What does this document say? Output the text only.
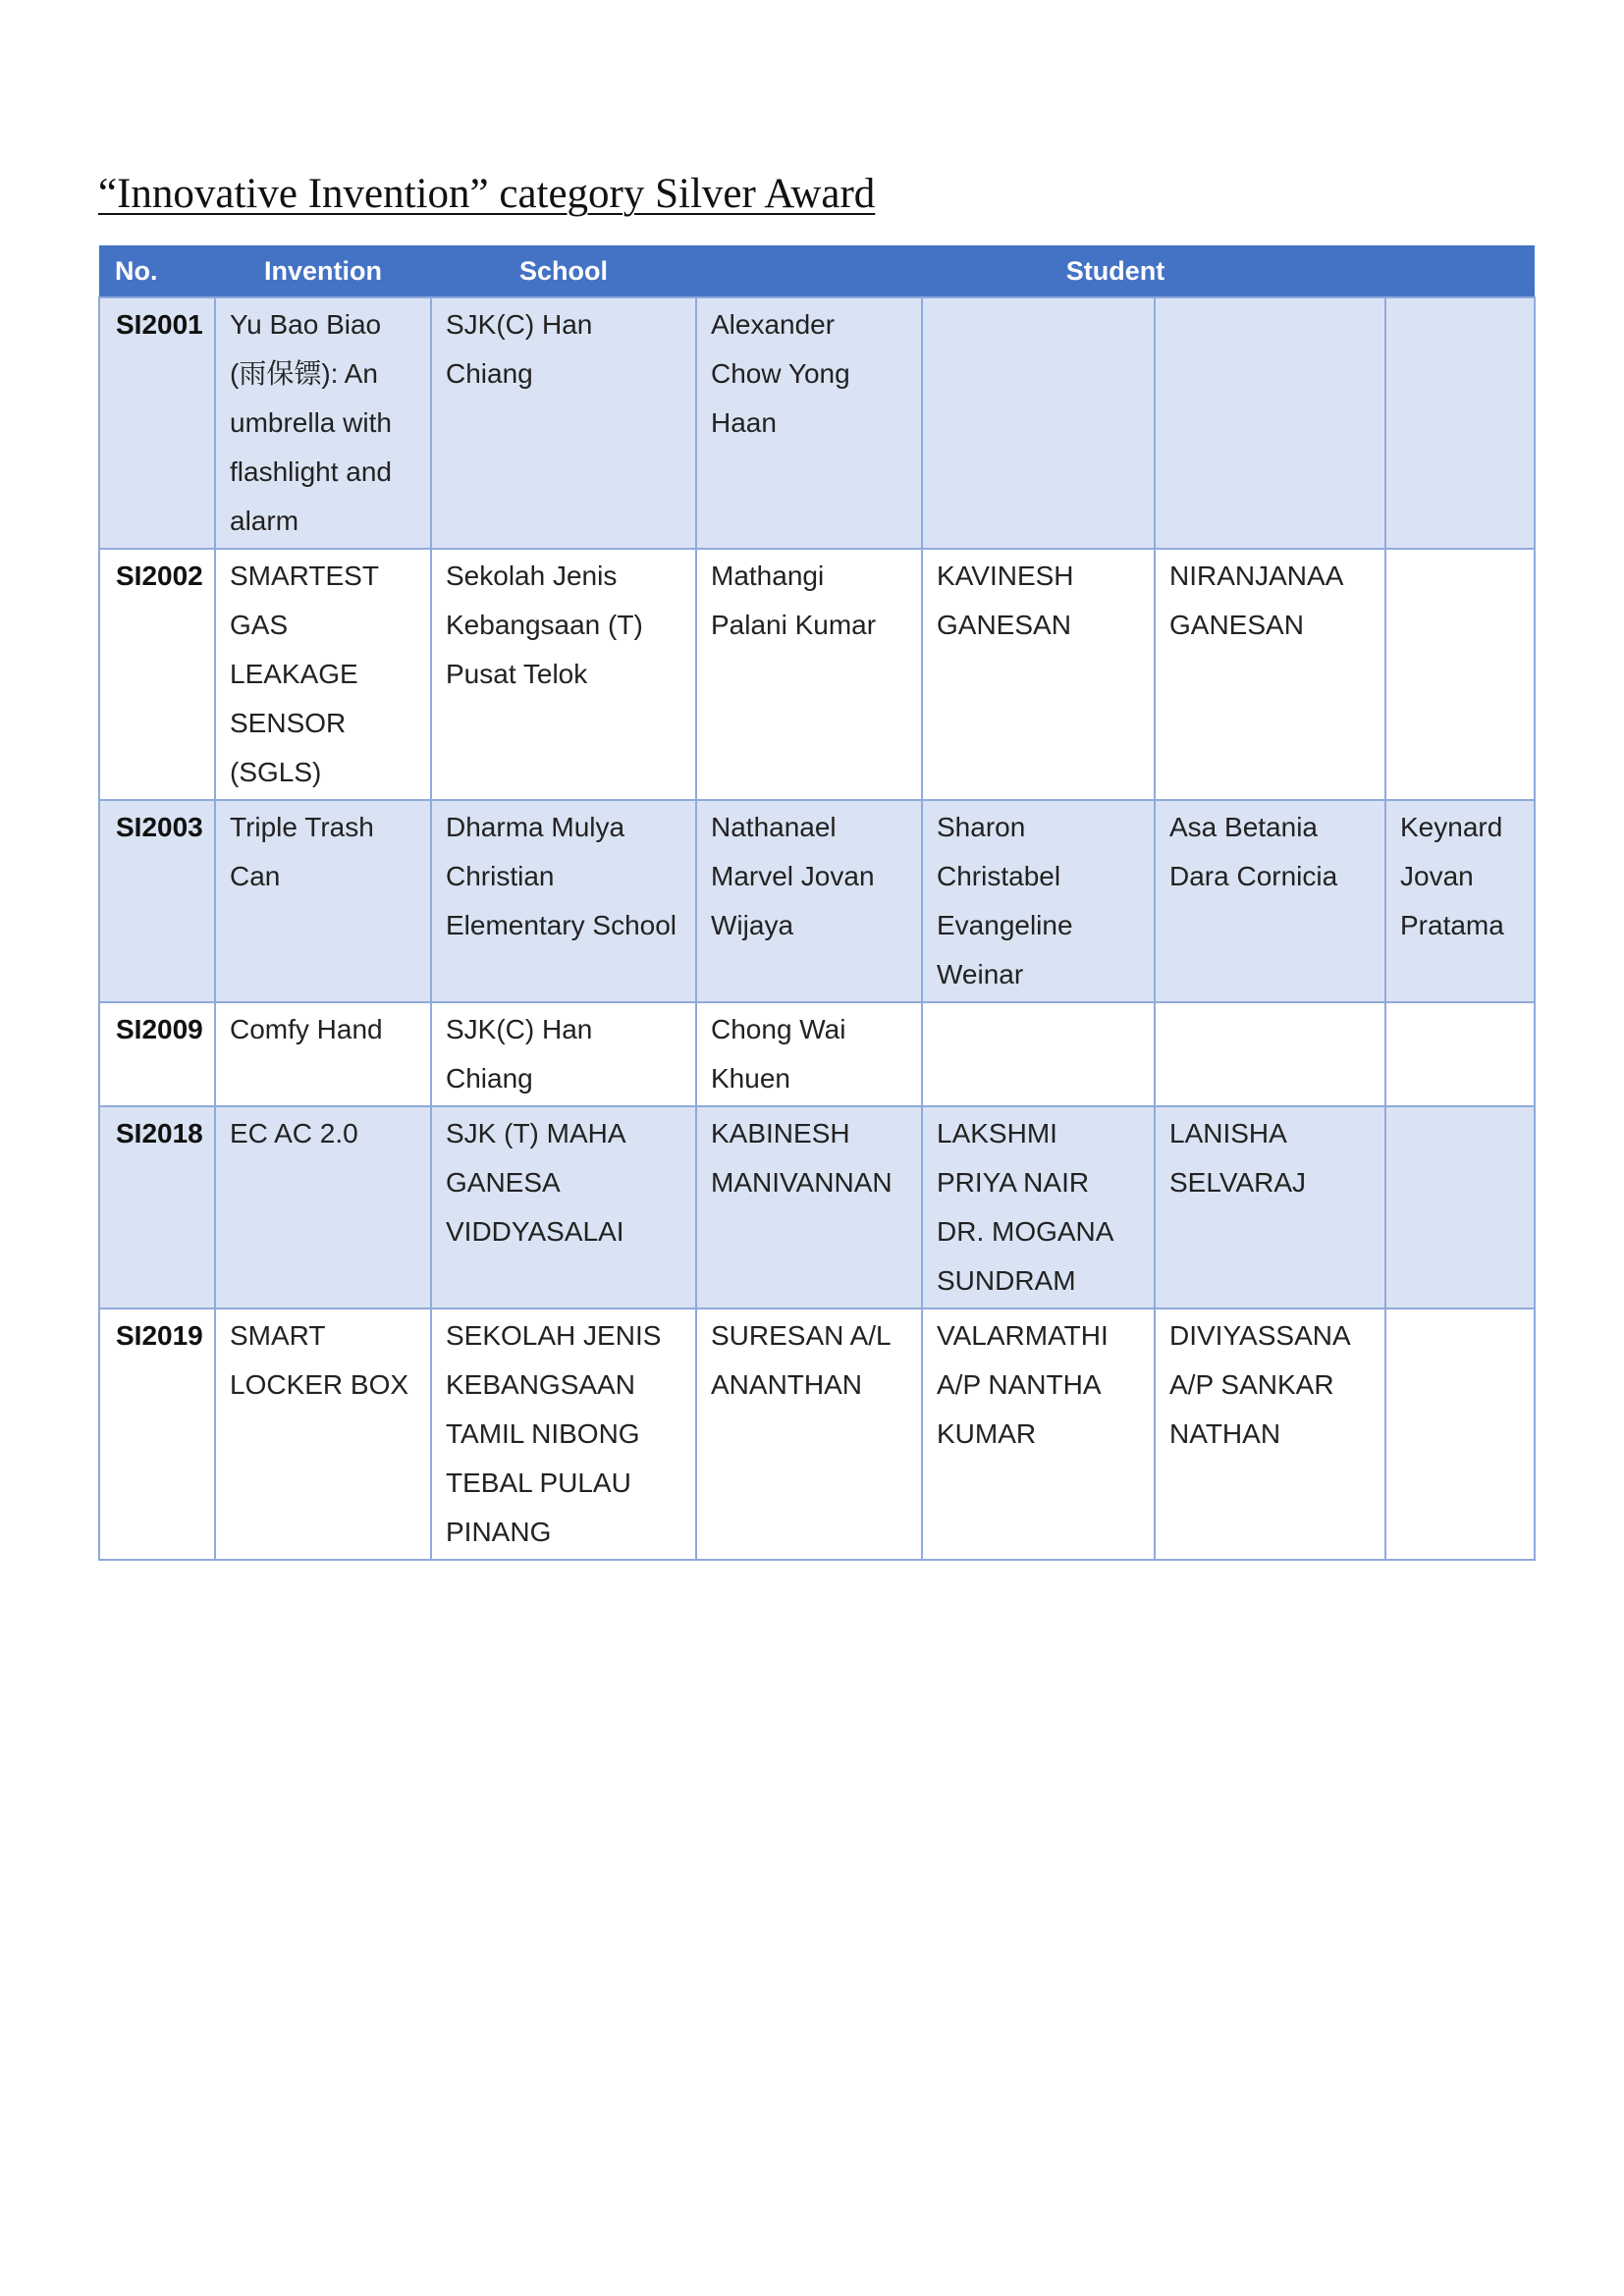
“Innovative Invention” category Silver Award
No.	Invention	School	Student			
SI2001	Yu Bao Biao (雨保镖): An umbrella with flashlight and alarm	SJK(C) Han Chiang	Alexander Chow Yong Haan			
SI2002	SMARTEST GAS LEAKAGE SENSOR (SGLS)	Sekolah Jenis Kebangsaan (T) Pusat Telok	Mathangi Palani Kumar	KAVINESH GANESAN	NIRANJANAA GANESAN	
SI2003	Triple Trash Can	Dharma Mulya Christian Elementary School	Nathanael Marvel Jovan Wijaya	Sharon Christabel Evangeline Weinar	Asa Betania Dara Cornicia	Keynard Jovan Pratama
SI2009	Comfy Hand	SJK(C) Han Chiang	Chong Wai Khuen			
SI2018	EC AC 2.0	SJK (T) MAHA GANESA VIDDYASALAI	KABINESH MANIVANNAN	LAKSHMI PRIYA NAIR DR. MOGANA SUNDRAM	LANISHA SELVARAJ	
SI2019	SMART LOCKER BOX	SEKOLAH JENIS KEBANGSAAN TAMIL NIBONG TEBAL PULAU PINANG	SURESAN A/L ANANTHAN	VALARMATHI A/P NANTHA KUMAR	DIVIYASSANA A/P SANKAR NATHAN	
